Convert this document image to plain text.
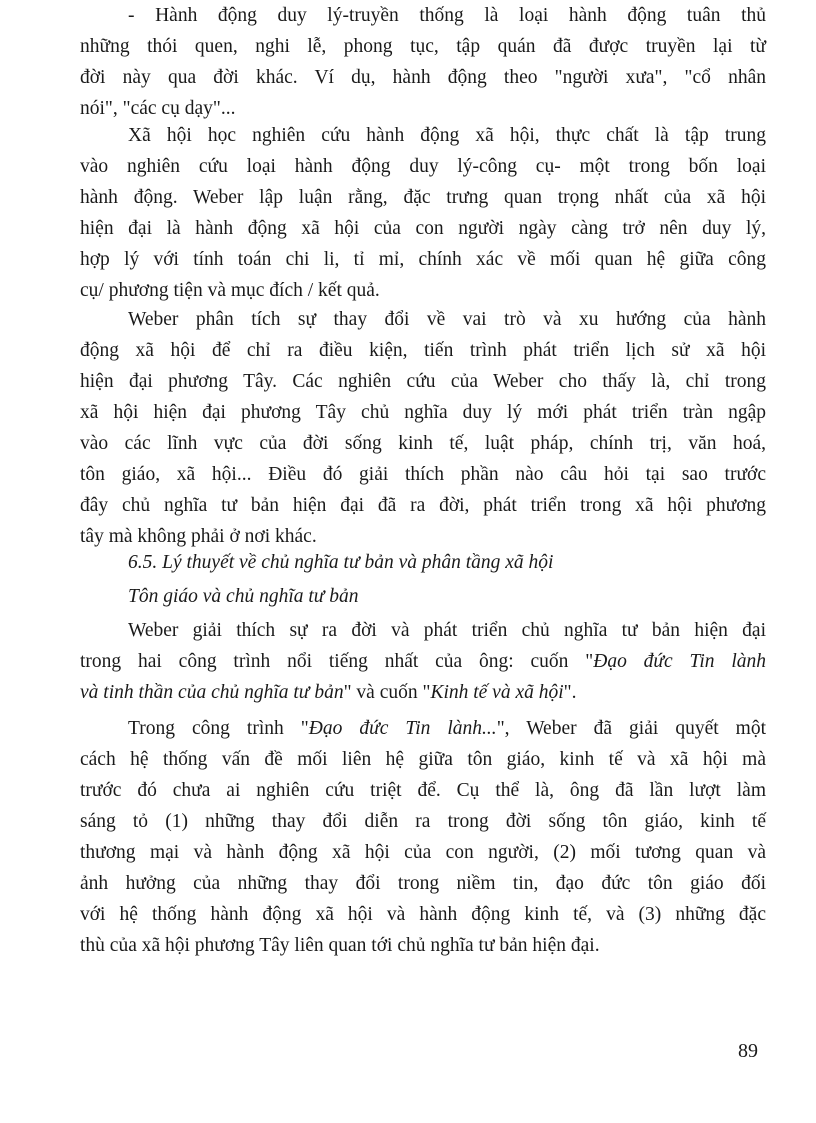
- Hành động duy lý-truyền thống là loại hành động tuân thủ
những thói quen, nghi lễ, phong tục, tập quán đã được truyền lại từ
đời này qua đời khác. Ví dụ, hành động theo "người xưa", "cổ nhân
nói", "các cụ dạy"...
Xã hội học nghiên cứu hành động xã hội, thực chất là tập trung
vào nghiên cứu loại hành động duy lý-công cụ- một trong bốn loại
hành động. Weber lập luận rằng, đặc trưng quan trọng nhất của xã hội
hiện đại là hành động xã hội của con người ngày càng trở nên duy lý,
hợp lý với tính toán chi li, tỉ mỉ, chính xác về mối quan hệ giữa công
cụ/ phương tiện và mục đích / kết quả.
Weber phân tích sự thay đổi về vai trò và xu hướng của hành
động xã hội để chỉ ra điều kiện, tiến trình phát triển lịch sử xã hội
hiện đại phương Tây. Các nghiên cứu của Weber cho thấy là, chỉ trong
xã hội hiện đại phương Tây chủ nghĩa duy lý mới phát triển tràn ngập
vào các lĩnh vực của đời sống kinh tế, luật pháp, chính trị, văn hoá,
tôn giáo, xã hội... Điều đó giải thích phần nào câu hỏi tại sao trước
đây chủ nghĩa tư bản hiện đại đã ra đời, phát triển trong xã hội phương
tây mà không phải ở nơi khác.
6.5. Lý thuyết về chủ nghĩa tư bản và phân tầng xã hội
Tôn giáo và chủ nghĩa tư bản
Weber giải thích sự ra đời và phát triển chủ nghĩa tư bản hiện đại
trong hai công trình nổi tiếng nhất của ông: cuốn "Đạo đức Tin lành
và tinh thần của chủ nghĩa tư bản" và cuốn "Kinh tế và xã hội".
Trong công trình "Đạo đức Tin lành...", Weber đã giải quyết một
cách hệ thống vấn đề mối liên hệ giữa tôn giáo, kinh tế và xã hội mà
trước đó chưa ai nghiên cứu triệt để. Cụ thể là, ông đã lần lượt làm
sáng tỏ (1) những thay đổi diễn ra trong đời sống tôn giáo, kinh tế
thương mại và hành động xã hội của con người, (2) mối tương quan và
ảnh hưởng của những thay đổi trong niềm tin, đạo đức tôn giáo đối
với hệ thống hành động xã hội và hành động kinh tế, và (3) những đặc
thù của xã hội phương Tây liên quan tới chủ nghĩa tư bản hiện đại.
89
